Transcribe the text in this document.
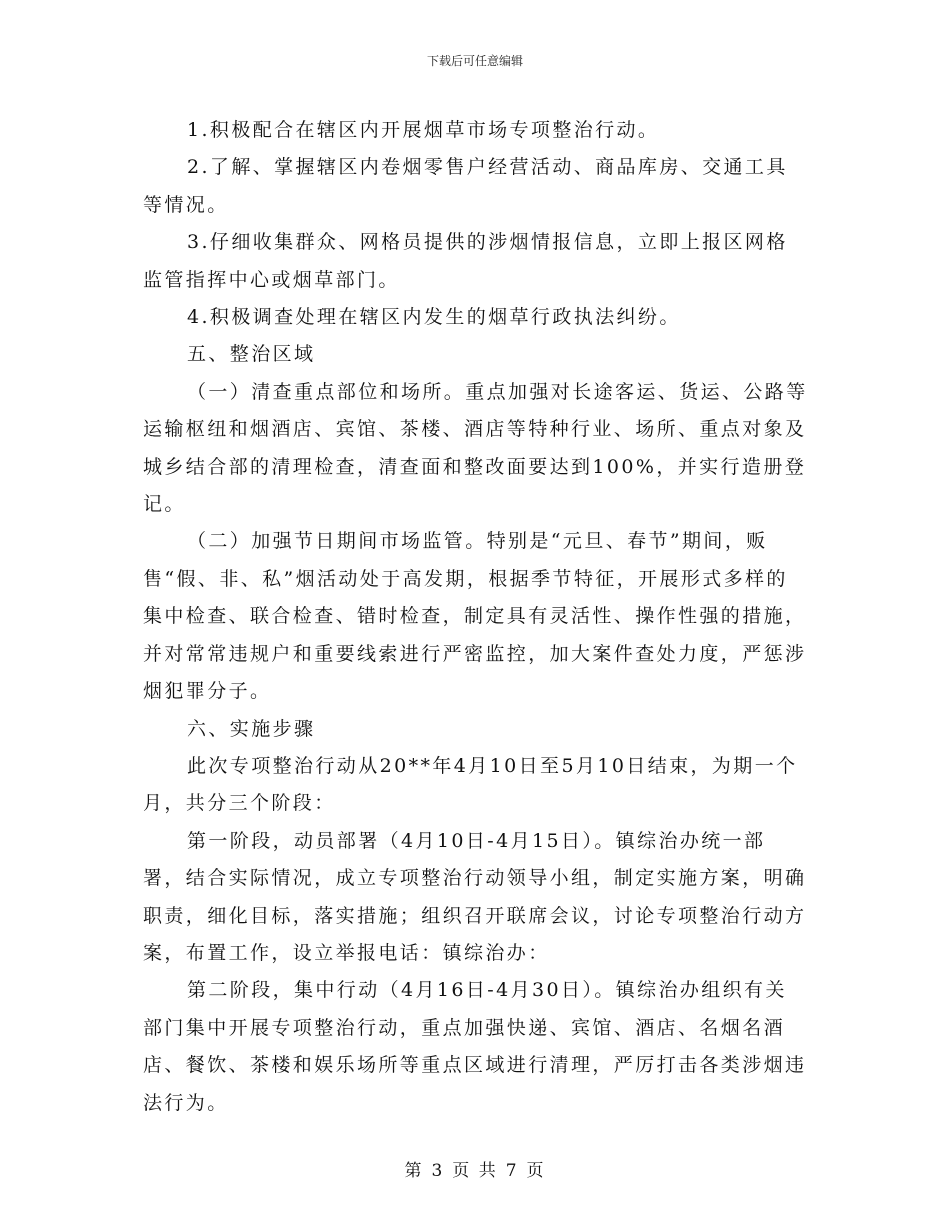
下载后可任意编辑

1.积极配合在辖区内开展烟草市场专项整治行动。

2.了解、掌握辖区内卷烟零售户经营活动、商品库房、交通工具等情况。

3.仔细收集群众、网格员提供的涉烟情报信息，立即上报区网格监管指挥中心或烟草部门。

4.积极调查处理在辖区内发生的烟草行政执法纠纷。

五、整治区域

（一）清查重点部位和场所。重点加强对长途客运、货运、公路等运输枢纽和烟酒店、宾馆、茶楼、酒店等特种行业、场所、重点对象及城乡结合部的清理检查，清查面和整改面要达到100%，并实行造册登记。

（二）加强节日期间市场监管。特别是“元旦、春节”期间，贩售“假、非、私”烟活动处于高发期，根据季节特征，开展形式多样的集中检查、联合检查、错时检查，制定具有灵活性、操作性强的措施，并对常常违规户和重要线索进行严密监控，加大案件查处力度，严惩涉烟犯罪分子。

六、实施步骤

此次专项整治行动从20**年4月10日至5月10日结束，为期一个月，共分三个阶段：

第一阶段，动员部署（4月10日-4月15日）。镇综治办统一部署，结合实际情况，成立专项整治行动领导小组，制定实施方案，明确职责，细化目标，落实措施；组织召开联席会议，讨论专项整治行动方案，布置工作，设立举报电话：镇综治办：

第二阶段，集中行动（4月16日-4月30日）。镇综治办组织有关部门集中开展专项整治行动，重点加强快递、宾馆、酒店、名烟名酒店、餐饮、茶楼和娱乐场所等重点区域进行清理，严厉打击各类涉烟违法行为。

第 3 页 共 7 页
